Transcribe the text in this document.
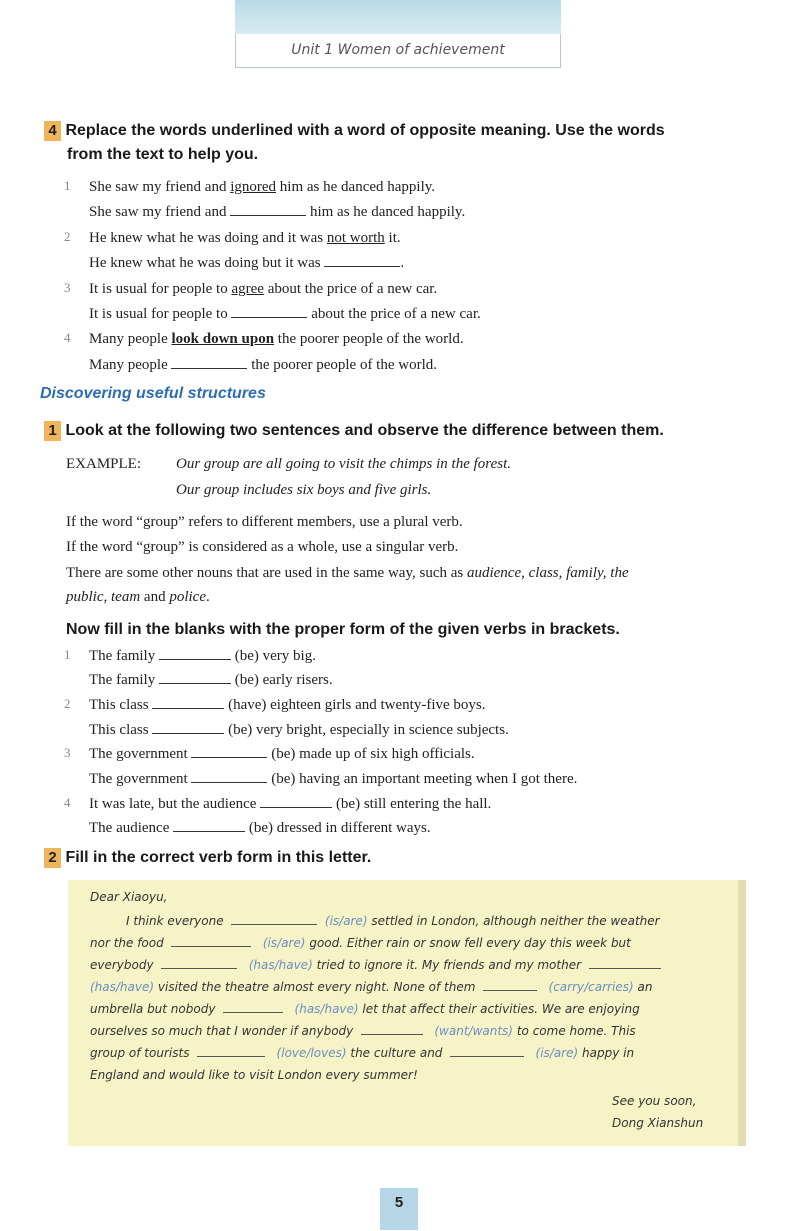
Unit 1 Women of achievement
4 Replace the words underlined with a word of opposite meaning. Use the words
from the text to help you.
1 She saw my friend and ignored him as he danced happily.
She saw my friend and	him as he danced happily.
2 He knew what he was doing and it was not worth it.
He knew what he was doing but it was	.
3 It is usual for people to agree about the price of a new car.
It is usual for people to	about the price of a new car.
4 Many people look down upon the poorer people of the world.
Many people	the poorer people of the world.
Discovering useful structures
1 Look at the following two sentences and observe the difference between them.
EXAMPLE: Our group are all going to visit the chimps in the forest.
Our group includes six boys and five girls.
If the word “group” refers to different members, use a plural verb.
If the word “group” is considered as a whole, use a singular verb.
There are some other nouns that are used in the same way, such as audience, class, family, the
public, team and police.
Now fill in the blanks with the proper form of the given verbs in brackets.
1 The family	(be) very big.
The family	(be) early risers.
2 This class	(have) eighteen girls and twenty-five boys.
This class	(be) very bright, especially in science subjects.
3 The government	(be) made up of six high officials.
The government	(be) having an important meeting when I got there.
4 It was late, but the audience	(be) still entering the hall.
The audience	(be) dressed in different ways.
2 Fill in the correct verb form in this letter.
Dear Xiaoyu,
I think everyone	(is/are) settled in London, although neither the weather
nor the food	(is/are) good. Either rain or snow fell every day this week but
everybody	(has/have) tried to ignore it. My friends and my mother
(has/have) visited the theatre almost every night. None of them	(carry/carries) an
umbrella but nobody	(has/have) let that affect their activities. We are enjoying
ourselves so much that I wonder if anybody	(want/wants) to come home. This
group of tourists	(love/loves) the culture and	(is/are) happy in
England and would like to visit London every summer!
See you soon,
Dong Xianshun
5
